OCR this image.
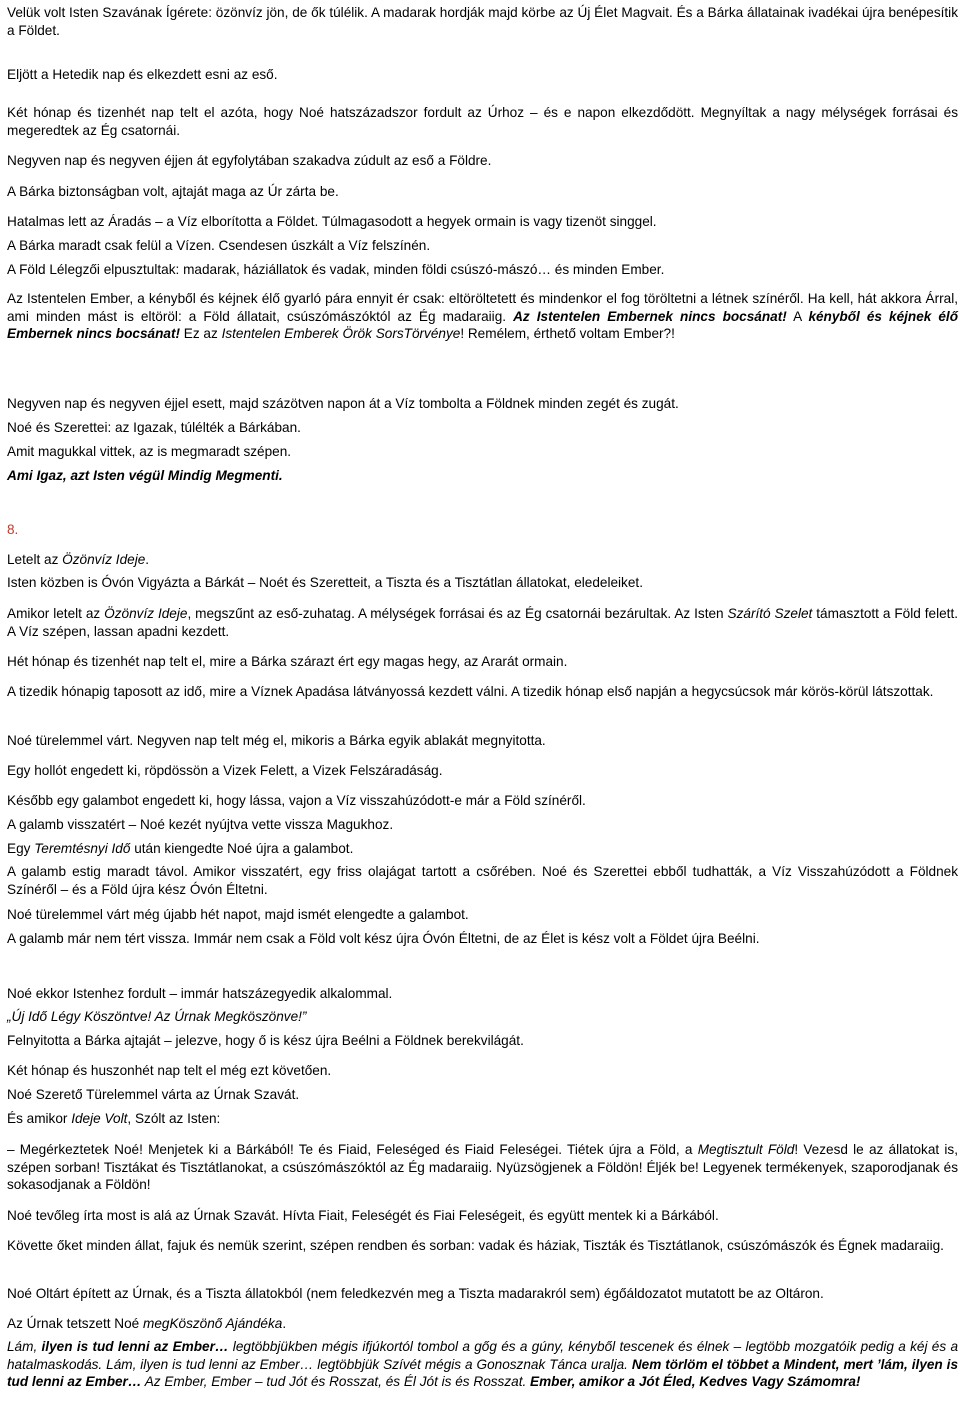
Velük volt Isten Szavának Ígérete: özönvíz jön, de ők túlélik. A madarak hordják majd körbe az Új Élet Magvait. És a Bárka állatainak ivadékai újra benépesítik a Földet.

Eljött a Hetedik nap és elkezdett esni az eső.

Két hónap és tizenhét nap telt el azóta, hogy Noé hatszázadszor fordult az Úrhoz – és e napon elkezdődött. Megnyíltak a nagy mélységek forrásai és megeredtek az Ég csatornái.

Negyven nap és negyven éjjen át egyfolytában szakadva zúdult az eső a Földre.

A Bárka biztonságban volt, ajtaját maga az Úr zárta be.

Hatalmas lett az Áradás – a Víz elborította a Földet. Túlmagasodott a hegyek ormain is vagy tizenöt singgel.

A Bárka maradt csak felül a Vízen. Csendesen úszkált a Víz felszínén.

A Föld Lélegzői elpusztultak: madarak, háziállatok és vadak, minden földi csúszó-mászó… és minden Ember.

Az Istentelen Ember, a kényből és kéjnek élő gyarló pára ennyit ér csak: eltöröltetett és mindenkor el fog töröltetni a létnek színéről. Ha kell, hát akkora Árral, ami minden mást is eltöröl: a Föld állatait, csúszómászóktól az Ég madaraiig. Az Istentelen Embernek nincs bocsánat! A kényből és kéjnek élő Embernek nincs bocsánat! Ez az Istentelen Emberek Örök SorsTörvénye! Remélem, érthető voltam Ember?!

Negyven nap és negyven éjjel esett, majd százötven napon át a Víz tombolta a Földnek minden zegét és zugát.

Noé és Szerettei: az Igazak, túlélték a Bárkában.

Amit magukkal vittek, az is megmaradt szépen.

Ami Igaz, azt Isten végül Mindig Megmenti.

8.

Letelt az Özönvíz Ideje.

Isten közben is Óvón Vigyázta a Bárkát – Noét és Szeretteit, a Tiszta és a Tisztátlan állatokat, eledeleiket.

Amikor letelt az Özönvíz Ideje, megszűnt az eső-zuhatag. A mélységek forrásai és az Ég csatornái bezárultak. Az Isten Szárító Szelet támasztott a Föld felett. A Víz szépen, lassan apadni kezdett.

Hét hónap és tizenhét nap telt el, mire a Bárka szárazt ért egy magas hegy, az Ararát ormain.

A tizedik hónapig taposott az idő, mire a Víznek Apadása látványossá kezdett válni. A tizedik hónap első napján a hegycsúcsok már körös-körül látszottak.

Noé türelemmel várt. Negyven nap telt még el, mikoris a Bárka egyik ablakát megnyitotta.

Egy hollót engedett ki, röpdössön a Vizek Felett, a Vizek Felszáradáság.

Később egy galambot engedett ki, hogy lássa, vajon a Víz visszahúzódott-e már a Föld színéről.

A galamb visszatért – Noé kezét nyújtva vette vissza Magukhoz.

Egy Teremtésnyi Idő után kiengedte Noé újra a galambot.

A galamb estig maradt távol. Amikor visszatért, egy friss olajágat tartott a csőrében. Noé és Szerettei ebből tudhatták, a Víz Visszahúzódott a Földnek Színéről – és a Föld újra kész Óvón Éltetni.

Noé türelemmel várt még újabb hét napot, majd ismét elengedte a galambot.

A galamb már nem tért vissza. Immár nem csak a Föld volt kész újra Óvón Éltetni, de az Élet is kész volt a Földet újra Beélni.

Noé ekkor Istenhez fordult – immár hatszázegyedik alkalommal.

„Új Idő Légy Köszöntve! Az Úrnak Megköszönve!”

Felnyitotta a Bárka ajtaját – jelezve, hogy ő is kész újra Beélni a Földnek berekvilágát.

Két hónap és huszonhét nap telt el még ezt követően.

Noé Szerető Türelemmel várta az Úrnak Szavát.

És amikor Ideje Volt, Szólt az Isten:

– Megérkeztetek Noé! Menjetek ki a Bárkából! Te és Fiaid, Feleséged és Fiaid Feleségei. Tiétek újra a Föld, a Megtisztult Föld! Vezesd le az állatokat is, szépen sorban! Tisztákat és Tisztátlanokat, a csúszómászóktól az Ég madaraiig. Nyüzsögjenek a Földön! Éljék be! Legyenek termékenyek, szaporodjanak és sokasodjanak a Földön!

Noé tevőleg írta most is alá az Úrnak Szavát. Hívta Fiait, Feleségét és Fiai Feleségeit, és együtt mentek ki a Bárkából.

Követte őket minden állat, fajuk és nemük szerint, szépen rendben és sorban: vadak és háziak, Tiszták és Tisztátlanok, csúszómászók és Égnek madaraiig.

Noé Oltárt épített az Úrnak, és a Tiszta állatokból (nem feledkezvén meg a Tiszta madarakról sem) égőáldozatot mutatott be az Oltáron.

Az Úrnak tetszett Noé megKöszönő Ajándéka.

Lám, ilyen is tud lenni az Ember… legtöbbjükben mégis ifjúkortól tombol a gőg és a gúny, kényből tescenek és élnek – legtöbb mozgatóik pedig a kéj és a hatalmaskodás. Lám, ilyen is tud lenni az Ember… legtöbbjük Szívét mégis a Gonosznak Tánca uralja. Nem törlöm el többet a Mindent, mert ’lám, ilyen is tud lenni az Ember… Az Ember, Ember – tud Jót és Rosszat, és Él Jót is és Rosszat. Ember, amikor a Jót Éled, Kedves Vagy Számomra!
